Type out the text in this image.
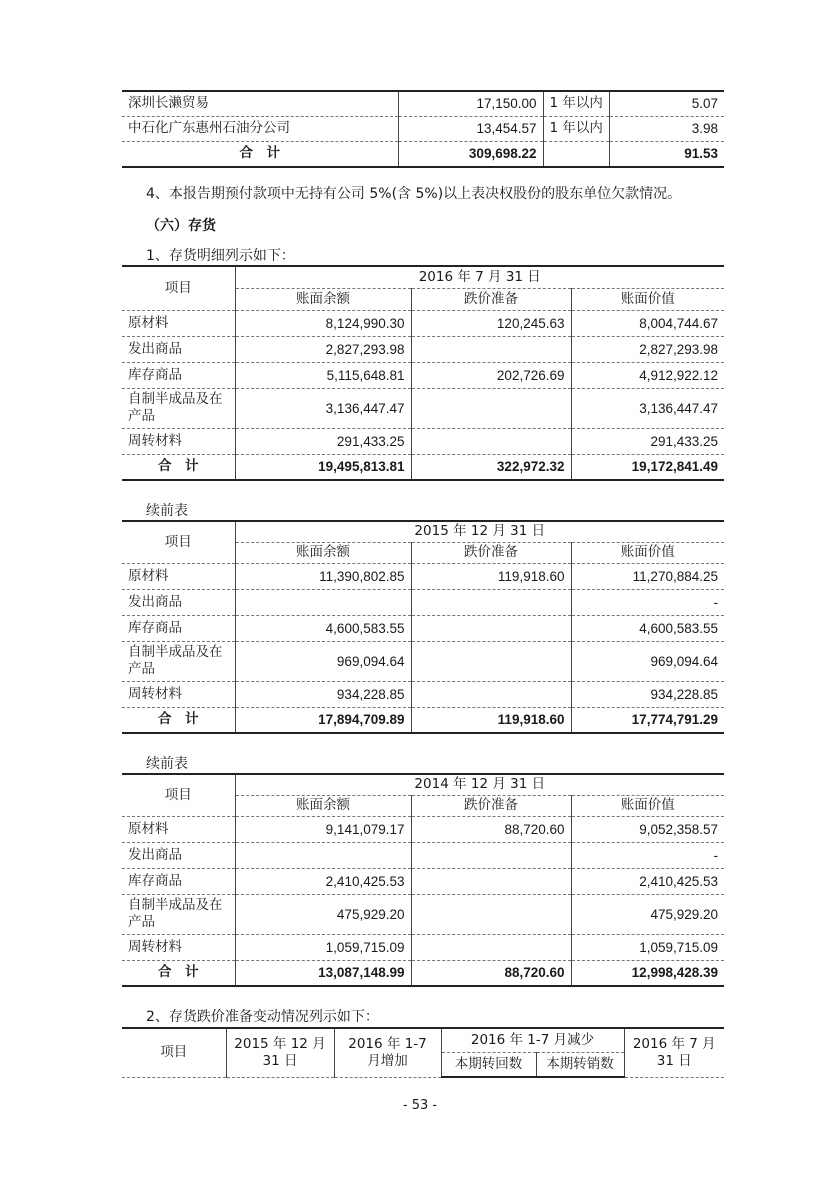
深圳长濑贸易	17,150.00	1 年以内	5.07
中石化广东惠州石油分公司	13,454.57	1 年以内	3.98
合　计	309,698.22		91.53
4、本报告期预付款项中无持有公司 5%(含 5%)以上表决权股份的股东单位欠款情况。
（六）存货
1、存货明细列示如下：
项目	2016 年 7 月 31 日		
	账面余额	跌价准备	账面价值
原材料	8,124,990.30	120,245.63	8,004,744.67
发出商品	2,827,293.98		2,827,293.98
库存商品	5,115,648.81	202,726.69	4,912,922.12
自制半成品及在产品	3,136,447.47		3,136,447.47
周转材料	291,433.25		291,433.25
合　计	19,495,813.81	322,972.32	19,172,841.49
续前表
项目	2015 年 12 月 31 日		
	账面余额	跌价准备	账面价值
原材料	11,390,802.85	119,918.60	11,270,884.25
发出商品			-
库存商品	4,600,583.55		4,600,583.55
自制半成品及在产品	969,094.64		969,094.64
周转材料	934,228.85		934,228.85
合　计	17,894,709.89	119,918.60	17,774,791.29
续前表
项目	2014 年 12 月 31 日		
	账面余额	跌价准备	账面价值
原材料	9,141,079.17	88,720.60	9,052,358.57
发出商品			-
库存商品	2,410,425.53		2,410,425.53
自制半成品及在产品	475,929.20		475,929.20
周转材料	1,059,715.09		1,059,715.09
合　计	13,087,148.99	88,720.60	12,998,428.39
2、存货跌价准备变动情况列示如下：
项目	2015 年 12 月 31 日	2016 年 1-7 月增加	2016 年 1-7 月减少		2016 年 7 月 31 日
			本期转回数	本期转销数	
- 53 -
